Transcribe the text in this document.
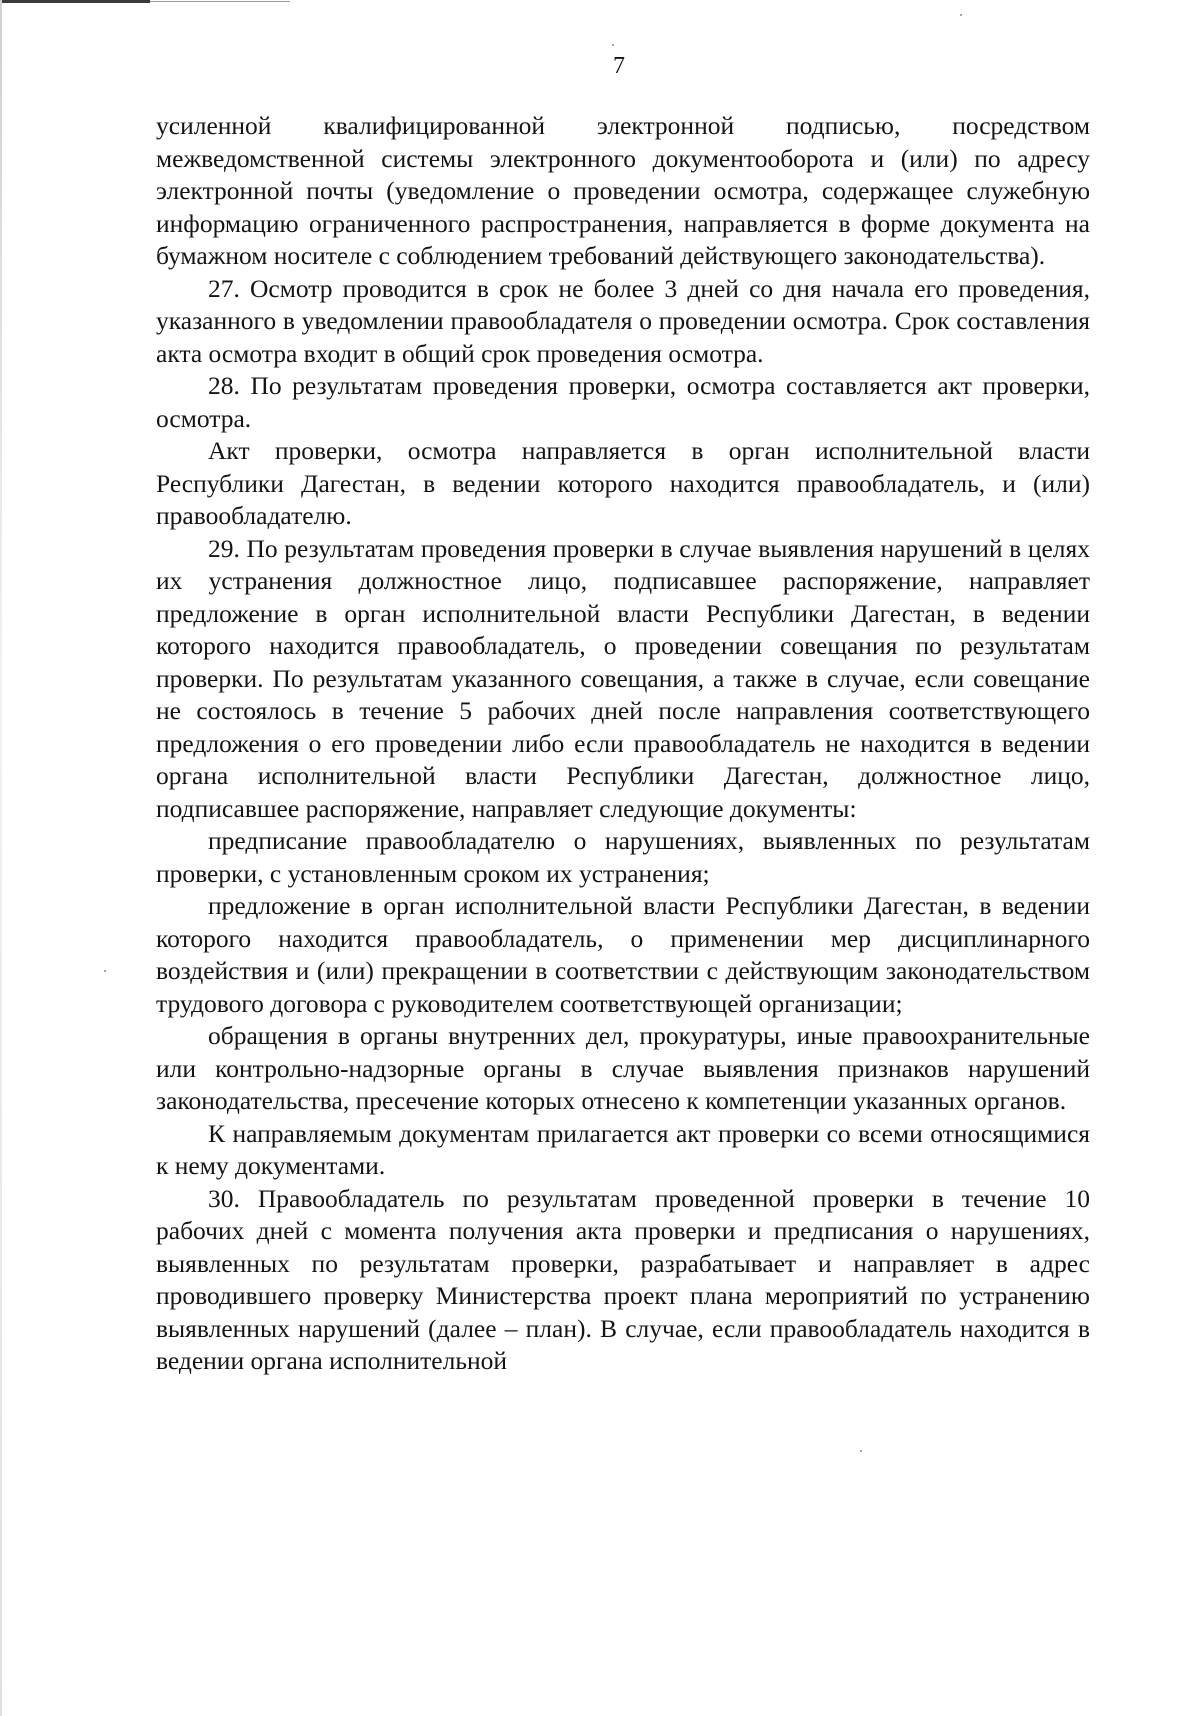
7

усиленной квалифицированной электронной подписью, посредством межведомственной системы электронного документооборота и (или) по адресу электронной почты (уведомление о проведении осмотра, содержащее служебную информацию ограниченного распространения, направляется в форме документа на бумажном носителе с соблюдением требований действующего законодательства).

27. Осмотр проводится в срок не более 3 дней со дня начала его проведения, указанного в уведомлении правообладателя о проведении осмотра. Срок составления акта осмотра входит в общий срок проведения осмотра.

28. По результатам проведения проверки, осмотра составляется акт проверки, осмотра.

Акт проверки, осмотра направляется в орган исполнительной власти Республики Дагестан, в ведении которого находится правообладатель, и (или) правообладателю.

29. По результатам проведения проверки в случае выявления нарушений в целях их устранения должностное лицо, подписавшее распоряжение, направляет предложение в орган исполнительной власти Республики Дагестан, в ведении которого находится правообладатель, о проведении совещания по результатам проверки. По результатам указанного совещания, а также в случае, если совещание не состоялось в течение 5 рабочих дней после направления соответствующего предложения о его проведении либо если правообладатель не находится в ведении органа исполнительной власти Республики Дагестан, должностное лицо, подписавшее распоряжение, направляет следующие документы:

предписание правообладателю о нарушениях, выявленных по результатам проверки, с установленным сроком их устранения;

предложение в орган исполнительной власти Республики Дагестан, в ведении которого находится правообладатель, о применении мер дисциплинарного воздействия и (или) прекращении в соответствии с действующим законодательством трудового договора с руководителем соответствующей организации;

обращения в органы внутренних дел, прокуратуры, иные правоохранительные или контрольно-надзорные органы в случае выявления признаков нарушений законодательства, пресечение которых отнесено к компетенции указанных органов.

К направляемым документам прилагается акт проверки со всеми относящимися к нему документами.

30. Правообладатель по результатам проведенной проверки в течение 10 рабочих дней с момента получения акта проверки и предписания о нарушениях, выявленных по результатам проверки, разрабатывает и направляет в адрес проводившего проверку Министерства проект плана мероприятий по устранению выявленных нарушений (далее – план). В случае, если правообладатель находится в ведении органа исполнительной
